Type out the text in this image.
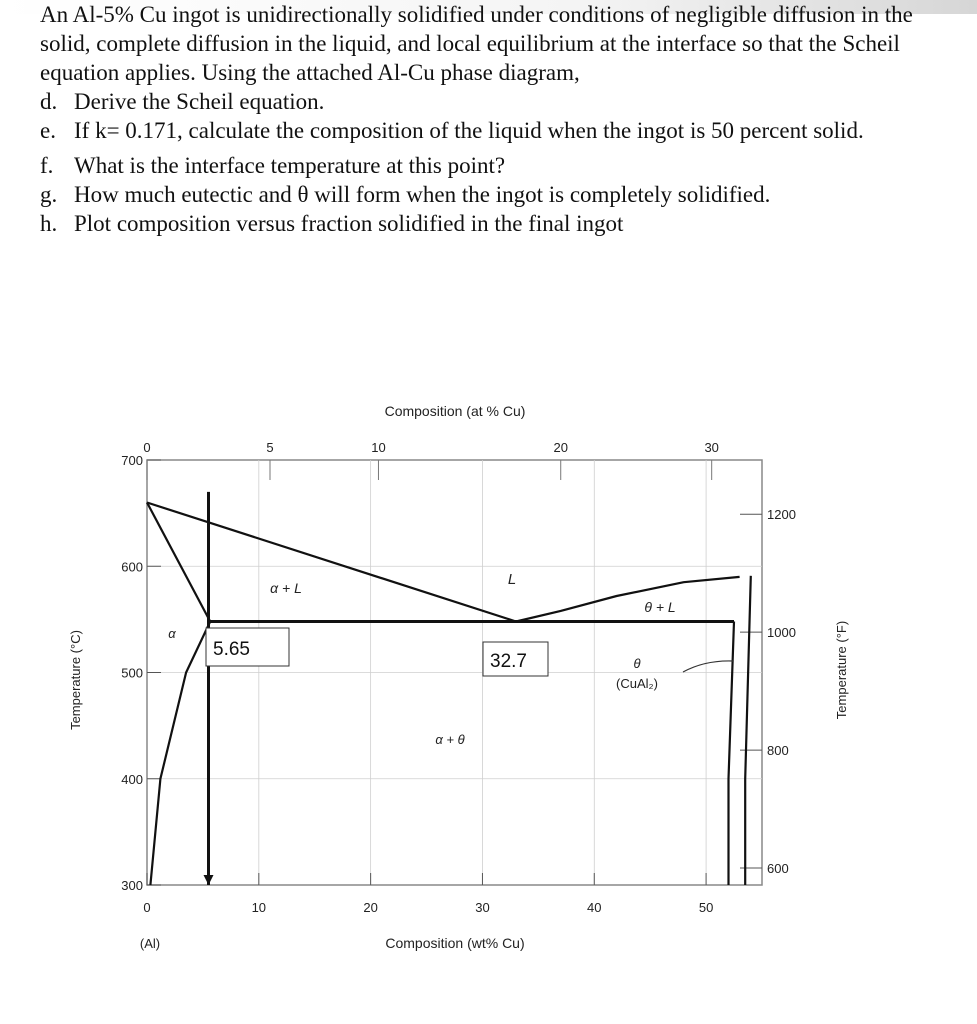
An Al-5% Cu ingot is unidirectionally solidified under conditions of negligible diffusion in the solid, complete diffusion in the liquid, and local equilibrium at the interface so that the Scheil equation applies. Using the attached Al-Cu phase diagram,

d. Derive the Scheil equation.
e. If k= 0.171, calculate the composition of the liquid when the ingot is 50 percent solid.
f. What is the interface temperature at this point?
g. How much eutectic and θ will form when the ingot is completely solidified.
h. Plot composition versus fraction solidified in the final ingot
0	10	20	30	40	50
300
400
500
600
700
0	5	10	20	30
1200
1000
800
600
Composition (at % Cu)
Composition (wt% Cu)
Temperature (°C)	Temperature (°F)
(Al)
L
α + L
α
θ + L
θ
(CuAl₂)
α + θ
5.65
32.7
